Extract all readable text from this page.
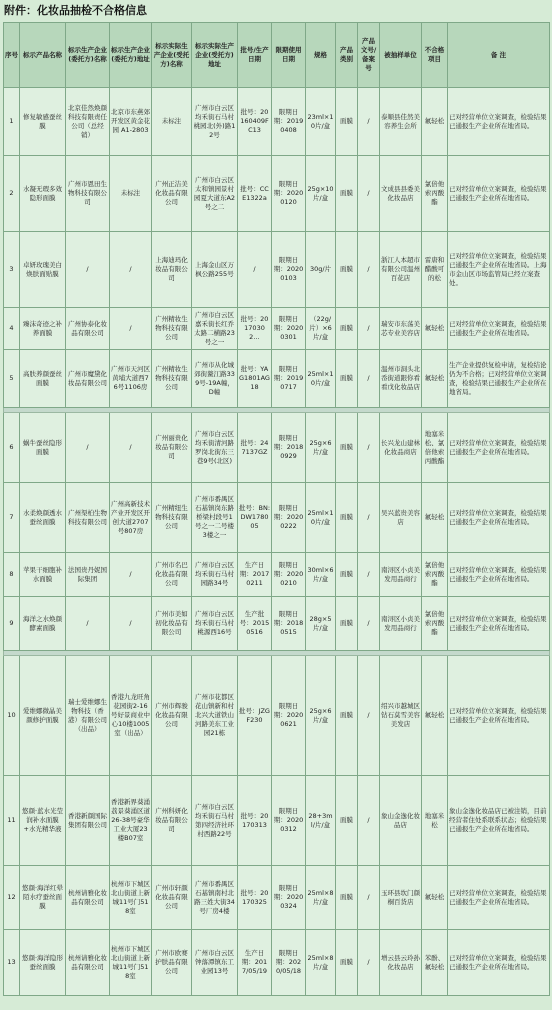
附件：化妆品抽检不合格信息
序号	标示产品名称	标示生产企业(委托方)名称	标示生产企业(委托方)地址	标示实际生产企业(受托方)名称	标示实际生产企业(受托方)地址	批号/生产日期	限期使用日期	规格	产品类别	产品文号/备案号	被抽样单位	不合格项目	备 注
1	修复敏感蚕丝膜	北京佳然焕颜科技有限责任公司（总经销）	北京市东燕郊开发区黄金花园 A1-2803	未标注	广州市白云区均禾街石马村桃园北(外)路12号	批号：20160409FC13	限期日期：20190408	23ml×10片/盒	面膜	/	泰顺县佳然美容养生会所	氟轻松	已对经营单位立案调查，检验结果已通报生产企业所在地省局。
2	水凝无瑕多效隐形面膜	广州市恩田生物科技有限公司	未标注	广州正洁美化妆品有限公司	广州市白云区太和镇园景村园夏大道东A2号之二	批号：CCE1322a	限期日期：20200120	25g×10片/盒	面膜	/	文成县县委美化妆品店	氯倍他索丙酸酯	已对经营单位立案调查，检验结果已通报生产企业所在地省局。
3	卓妍玫瑰美白焕肤面贴膜	/	/	上海迪玛化妆品有限公司	上海金山区万枫公路255号	/	限期日期：20200103	30g/片	面膜	/	浙江人本超市有限公司温州百花店	雷唐和醋酸可的松	已对经营单位立案调查，检验结果已通报生产企业所在地省局。上海市金山区市场监管局已经立案查处。
4	臻沫奇迹之补养面膜	广州协泰化妆品有限公司	/	广州精妆生物科技有限公司	广州市白云区嘉禾街长红乔太路二横路23号之一	批号：20170302…	限期日期：20200301	（22g/片）×6片/盒	面膜	/	瑞安市东荡美芯专业美容店	氟轻松	已对经营单位立案调查，检验结果已通报生产企业所在地省局。
5	高肤养颜蚕丝面膜	广州市魔黛化妆品有限公司	广州市天河区黄埔大道西76号1106房	广州精妆生物科技有限公司	广州市从化城郊街鳌江路339号-19A幢，D幢	批号：YAG1801AG18	限期日期：20190717	25ml×10片/盒	面膜	/	温州市洞头北岙街道跟你看看戊化妆品店	氟轻松	生产企业提供复检申请，复检结论仍为不合格；已对经营单位立案调查，检验结果已通报生产企业所在地省局。

6	蜗牛蚕丝隐形面膜	/	/	广州丽贵化妆品有限公司	广州市白云区均禾街清河路罗岗北街东三巷9号(北区)	批号：247137GZ	限期日期：20180929	25g×6片/盒	面膜	/	长兴龙山建林化妆品商店	地塞米松、氯倍他索丙酸酯	已对经营单位立案调查，检验结果已通报生产企业所在地省局。
7	水柔焕颜透水蚕丝面膜	广州渠柏生物科技有限公司	广州高新技术产业开发区开创大道2707号807房	广州精纽生物科技有限公司	广州市番禺区石基镇岗东路桥梁村段号1号之一二号楼3楼之一	批号：BN:DW178005	限期日期：20200222	25ml×10片/盒	面膜	/	吴兴蓝贵美容店	氟轻松	已对经营单位立案调查，检验结果已通报生产企业所在地省局。
8	苹果干细胞补水面膜	法国贵丹妮国际集团	/	广州市名巴化妆品有限公司	广州市白云区均禾街石马村园路34号	生产日期：20170211	限期日期：20200210	30ml×6片/盒	面膜	/	南浔区小贞美发用品商行	氯倍他索丙酸酯	已对经营单位立案调查，检验结果已通报生产企业所在地省局。
9	海洋之水焕颜酵素面膜	/	/	广州市美如初化妆品有限公司	广州市白云区均禾街石马村桃源西16号	生产批号：20150516	限期日期：20180515	28g×5片/盒	面膜	/	南浔区小贞美发用品商行	氯倍他索丙酸酯	已对经营单位立案调查，检验结果已通报生产企业所在地省局。

10	爱维娜微晶美颜修护面膜	瑞士爱维娜生物科技（香港）有限公司（出品）	香港九龙旺角花园街2-16号好景商业中心10楼1005室（出品）	广州市辉骏化妆品有限公司	广州市花都区花山镇新和村北兴大道铁山河路美东工业园21栋	批号：JZGF230	限期日期：20200621	25g×6片/盒	面膜	/	绍兴市越城区钻石莫雪美容美发店	氟轻松	已对经营单位立案调查，检验结果已通报生产企业所在地省局。
11	悠颜·蓝水光莹润补水面膜+水光精华液	香港新颜国际集团有限公司	香港新界葵涌荔景葵涌区道26-38号豪华工业大厦23楼B07室	广州科妍化妆品有限公司	广州市白云区均禾街石马村第四经济社环村西路22号	批号：20170313	限期日期：20200312	28+3ml/片/盒	面膜	/	象山金逸化妆品店	地塞米松	象山金逸化妆品店已被注销，目前经营者住处系联系状态；检验结果已通报生产企业所在地省局。
12	悠颜·海洋红晕陌水疗蚕丝面膜	杭州请雅化妆品有限公司	杭州市下城区北山街道上新城11号门518室	广州市轩颜化妆品有限公司	广州市番禺区石基镇南村北路三姓大街34号厂房4楼	批号：20170325	限期日期：20200324	25ml×8片/盒	面膜	/	玉环县坎门颜桐百货店	氟轻松	已对经营单位立案调查，检验结果已通报生产企业所在地省局。
13	悠颜·海洋隐形蚕丝面膜	杭州请雅化妆品有限公司	杭州市下城区北山街道上新城11号门518室	广州市欧赛护肤品有限公司	广州市白云区钟落潭镇东工业园13号	生产日期：2017/05/19	限期日期：2020/05/18	25ml×8片/盒	面膜	/	增云县云玲孙化妆品店	苯酚、氟轻松	已对经营单位立案调查，检验结果已通报生产企业所在地省局。
